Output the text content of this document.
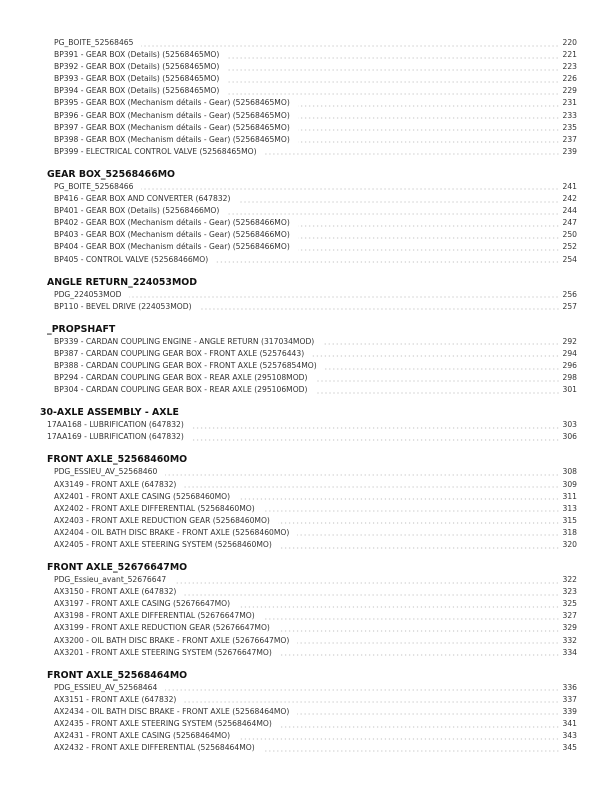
PG_BOITE_52568465	220
BP391 - GEAR BOX (Details) (52568465MO)	221
BP392 - GEAR BOX (Details) (52568465MO)	223
BP393 - GEAR BOX (Details) (52568465MO)	226
BP394 - GEAR BOX (Details) (52568465MO)	229
BP395 - GEAR BOX (Mechanism détails - Gear) (52568465MO)	231
BP396 - GEAR BOX (Mechanism détails - Gear) (52568465MO)	233
BP397 - GEAR BOX (Mechanism détails - Gear) (52568465MO)	235
BP398 - GEAR BOX (Mechanism détails - Gear) (52568465MO)	237
BP399 - ELECTRICAL CONTROL VALVE (52568465MO)	239
GEAR BOX_52568466MO
PG_BOITE_52568466	241
BP416 - GEAR BOX AND CONVERTER (647832)	242
BP401 - GEAR BOX (Details) (52568466MO)	244
BP402 - GEAR BOX (Mechanism détails - Gear) (52568466MO)	247
BP403 - GEAR BOX (Mechanism détails - Gear) (52568466MO)	250
BP404 - GEAR BOX (Mechanism détails - Gear) (52568466MO)	252
BP405 - CONTROL VALVE (52568466MO)	254
ANGLE RETURN_224053MOD
PDG_224053MOD	256
BP110 - BEVEL DRIVE (224053MOD)	257
_PROPSHAFT
BP339 - CARDAN COUPLING ENGINE - ANGLE RETURN (317034MOD)	292
BP387 - CARDAN COUPLING GEAR BOX - FRONT AXLE (52576443)	294
BP388 - CARDAN COUPLING GEAR BOX - FRONT AXLE (52576854MO)	296
BP294 - CARDAN COUPLING GEAR BOX - REAR AXLE (295108MOD)	298
BP304 - CARDAN COUPLING GEAR BOX - REAR AXLE (295106MOD)	301
30-AXLE ASSEMBLY - AXLE
17AA168 - LUBRIFICATION (647832)	303
17AA169 - LUBRIFICATION (647832)	306
FRONT AXLE_52568460MO
PDG_ESSIEU_AV_52568460	308
AX3149 - FRONT AXLE (647832)	309
AX2401 - FRONT AXLE CASING (52568460MO)	311
AX2402 - FRONT AXLE DIFFERENTIAL (52568460MO)	313
AX2403 - FRONT AXLE REDUCTION GEAR (52568460MO)	315
AX2404 - OIL BATH DISC BRAKE - FRONT AXLE (52568460MO)	318
AX2405 - FRONT AXLE STEERING SYSTEM (52568460MO)	320
FRONT AXLE_52676647MO
PDG_Essieu_avant_52676647	322
AX3150 - FRONT AXLE (647832)	323
AX3197 - FRONT AXLE CASING (52676647MO)	325
AX3198 - FRONT AXLE DIFFERENTIAL (52676647MO)	327
AX3199 - FRONT AXLE REDUCTION GEAR (52676647MO)	329
AX3200 - OIL BATH DISC BRAKE - FRONT AXLE (52676647MO)	332
AX3201 - FRONT AXLE STEERING SYSTEM (52676647MO)	334
FRONT AXLE_52568464MO
PDG_ESSIEU_AV_52568464	336
AX3151 - FRONT AXLE (647832)	337
AX2434 - OIL BATH DISC BRAKE - FRONT AXLE (52568464MO)	339
AX2435 - FRONT AXLE STEERING SYSTEM (52568464MO)	341
AX2431 - FRONT AXLE CASING (52568464MO)	343
AX2432 - FRONT AXLE DIFFERENTIAL (52568464MO)	345
